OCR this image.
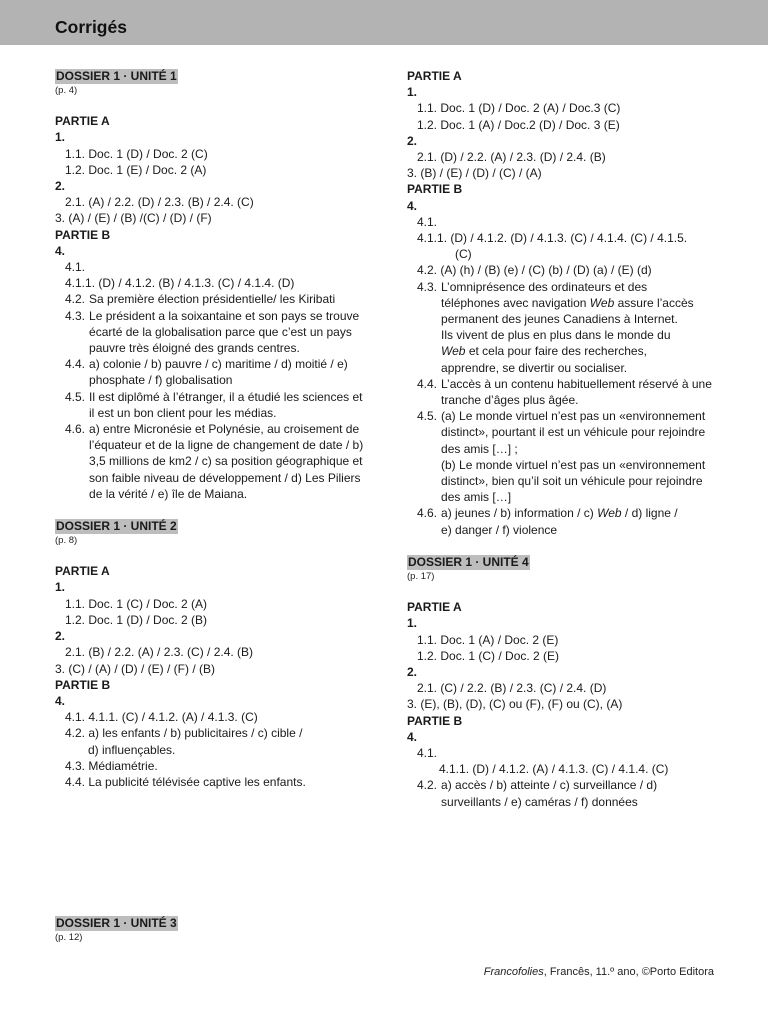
Corrigés
DOSSIER 1 · UNITÉ 1
(p. 4)
PARTIE A
1.
1.1. Doc. 1 (D) / Doc. 2 (C)
1.2. Doc. 1 (E) / Doc. 2 (A)
2.
2.1. (A) / 2.2. (D) / 2.3. (B) / 2.4. (C)
3. (A) / (E) / (B) /(C) / (D) / (F)
PARTIE B
4.
4.1.
4.1.1. (D) / 4.1.2. (B) / 4.1.3. (C) / 4.1.4. (D)
4.2. Sa première élection présidentielle/ les Kiribati
4.3. Le président a la soixantaine et son pays se trouve écarté de la globalisation parce que c’est un pays pauvre très éloigné des grands centres.
4.4. a) colonie / b) pauvre / c) maritime / d) moitié / e) phosphate / f) globalisation
4.5. Il est diplômé à l’étranger, il a étudié les sciences et il est un bon client pour les médias.
4.6. a) entre Micronésie et Polynésie, au croisement de l’équateur et de la ligne de changement de date / b) 3,5 millions de km2 / c) sa position géographique et son faible niveau de développement / d) Les Piliers de la vérité / e) île de Maiana.
DOSSIER 1 · UNITÉ 2
(p. 8)
PARTIE A
1.
1.1. Doc. 1 (C) / Doc. 2 (A)
1.2. Doc. 1 (D) / Doc. 2 (B)
2.
2.1. (B) / 2.2. (A) / 2.3. (C) / 2.4. (B)
3. (C) / (A) / (D) / (E) / (F) / (B)
PARTIE B
4.
4.1. 4.1.1. (C) / 4.1.2. (A) / 4.1.3. (C)
4.2. a) les enfants / b) publicitaires / c) cible /
d) influençables.
4.3. Médiamétrie.
4.4. La publicité télévisée captive les enfants.
DOSSIER 1 · UNITÉ 3
(p. 12)
PARTIE A
1.
1.1. Doc. 1 (D) / Doc. 2 (A) / Doc.3 (C)
1.2. Doc. 1 (A) / Doc.2 (D) / Doc. 3 (E)
2.
2.1. (D) / 2.2. (A) / 2.3. (D) / 2.4. (B)
3. (B) / (E) / (D) / (C) / (A)
PARTIE B
4.
4.1.
4.1.1. (D) / 4.1.2. (D) / 4.1.3. (C) / 4.1.4. (C) / 4.1.5.
(C)
4.2. (A) (h) / (B) (e) / (C) (b) / (D) (a) / (E) (d)
4.3. L’omniprésence des ordinateurs et des
téléphones avec navigation Web assure l’accès
permanent des jeunes Canadiens à Internet.
Ils vivent de plus en plus dans le monde du
Web et cela pour faire des recherches,
apprendre, se divertir ou socialiser.
4.4. L’accès à un contenu habituellement réservé à une tranche d’âges plus âgée.
4.5. (a) Le monde virtuel n’est pas un «environnement distinct», pourtant il est un véhicule pour rejoindre des amis […] ;
(b) Le monde virtuel n’est pas un «environnement distinct», bien qu’il soit un véhicule pour rejoindre des amis […]
4.6. a) jeunes / b) information / c) Web / d) ligne /
e) danger / f) violence
DOSSIER 1 · UNITÉ 4
(p. 17)
PARTIE A
1.
1.1. Doc. 1 (A) / Doc. 2 (E)
1.2. Doc. 1 (C) / Doc. 2 (E)
2.
2.1. (C) / 2.2. (B) / 2.3. (C) / 2.4. (D)
3. (E), (B), (D), (C) ou (F), (F) ou (C), (A)
PARTIE B
4.
4.1.
4.1.1. (D) / 4.1.2. (A) / 4.1.3. (C) / 4.1.4. (C)
4.2. a) accès / b) atteinte / c) surveillance / d)
surveillants / e) caméras / f) données
Francofolies, Francês, 11.º ano, ©Porto Editora
